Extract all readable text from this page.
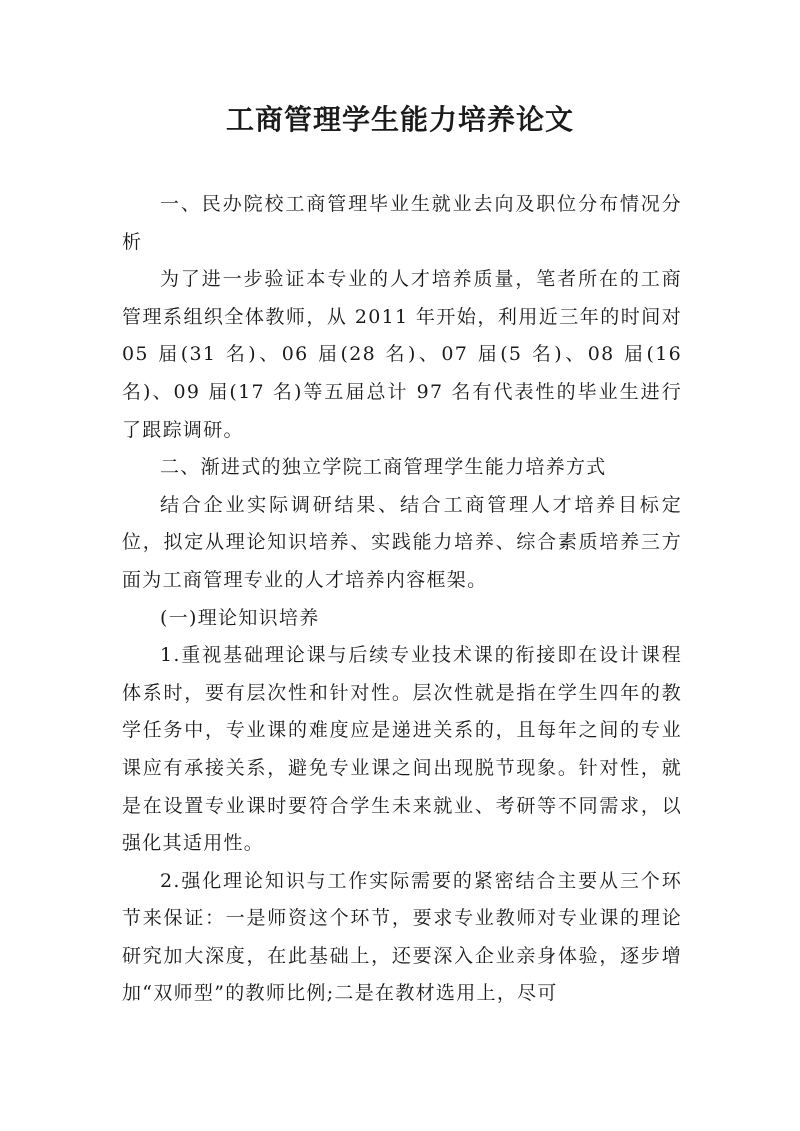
工商管理学生能力培养论文

一、民办院校工商管理毕业生就业去向及职位分布情况分析

为了进一步验证本专业的人才培养质量，笔者所在的工商管理系组织全体教师，从 2011 年开始，利用近三年的时间对 05 届(31 名)、06 届(28 名)、07 届(5 名)、08 届(16 名)、09 届(17 名)等五届总计 97 名有代表性的毕业生进行了跟踪调研。

二、渐进式的独立学院工商管理学生能力培养方式

结合企业实际调研结果、结合工商管理人才培养目标定位，拟定从理论知识培养、实践能力培养、综合素质培养三方面为工商管理专业的人才培养内容框架。

(一)理论知识培养

1.重视基础理论课与后续专业技术课的衔接即在设计课程体系时，要有层次性和针对性。层次性就是指在学生四年的教学任务中，专业课的难度应是递进关系的，且每年之间的专业课应有承接关系，避免专业课之间出现脱节现象。针对性，就是在设置专业课时要符合学生未来就业、考研等不同需求，以强化其适用性。

2.强化理论知识与工作实际需要的紧密结合主要从三个环节来保证：一是师资这个环节，要求专业教师对专业课的理论研究加大深度，在此基础上，还要深入企业亲身体验，逐步增加“双师型”的教师比例;二是在教材选用上，尽可
